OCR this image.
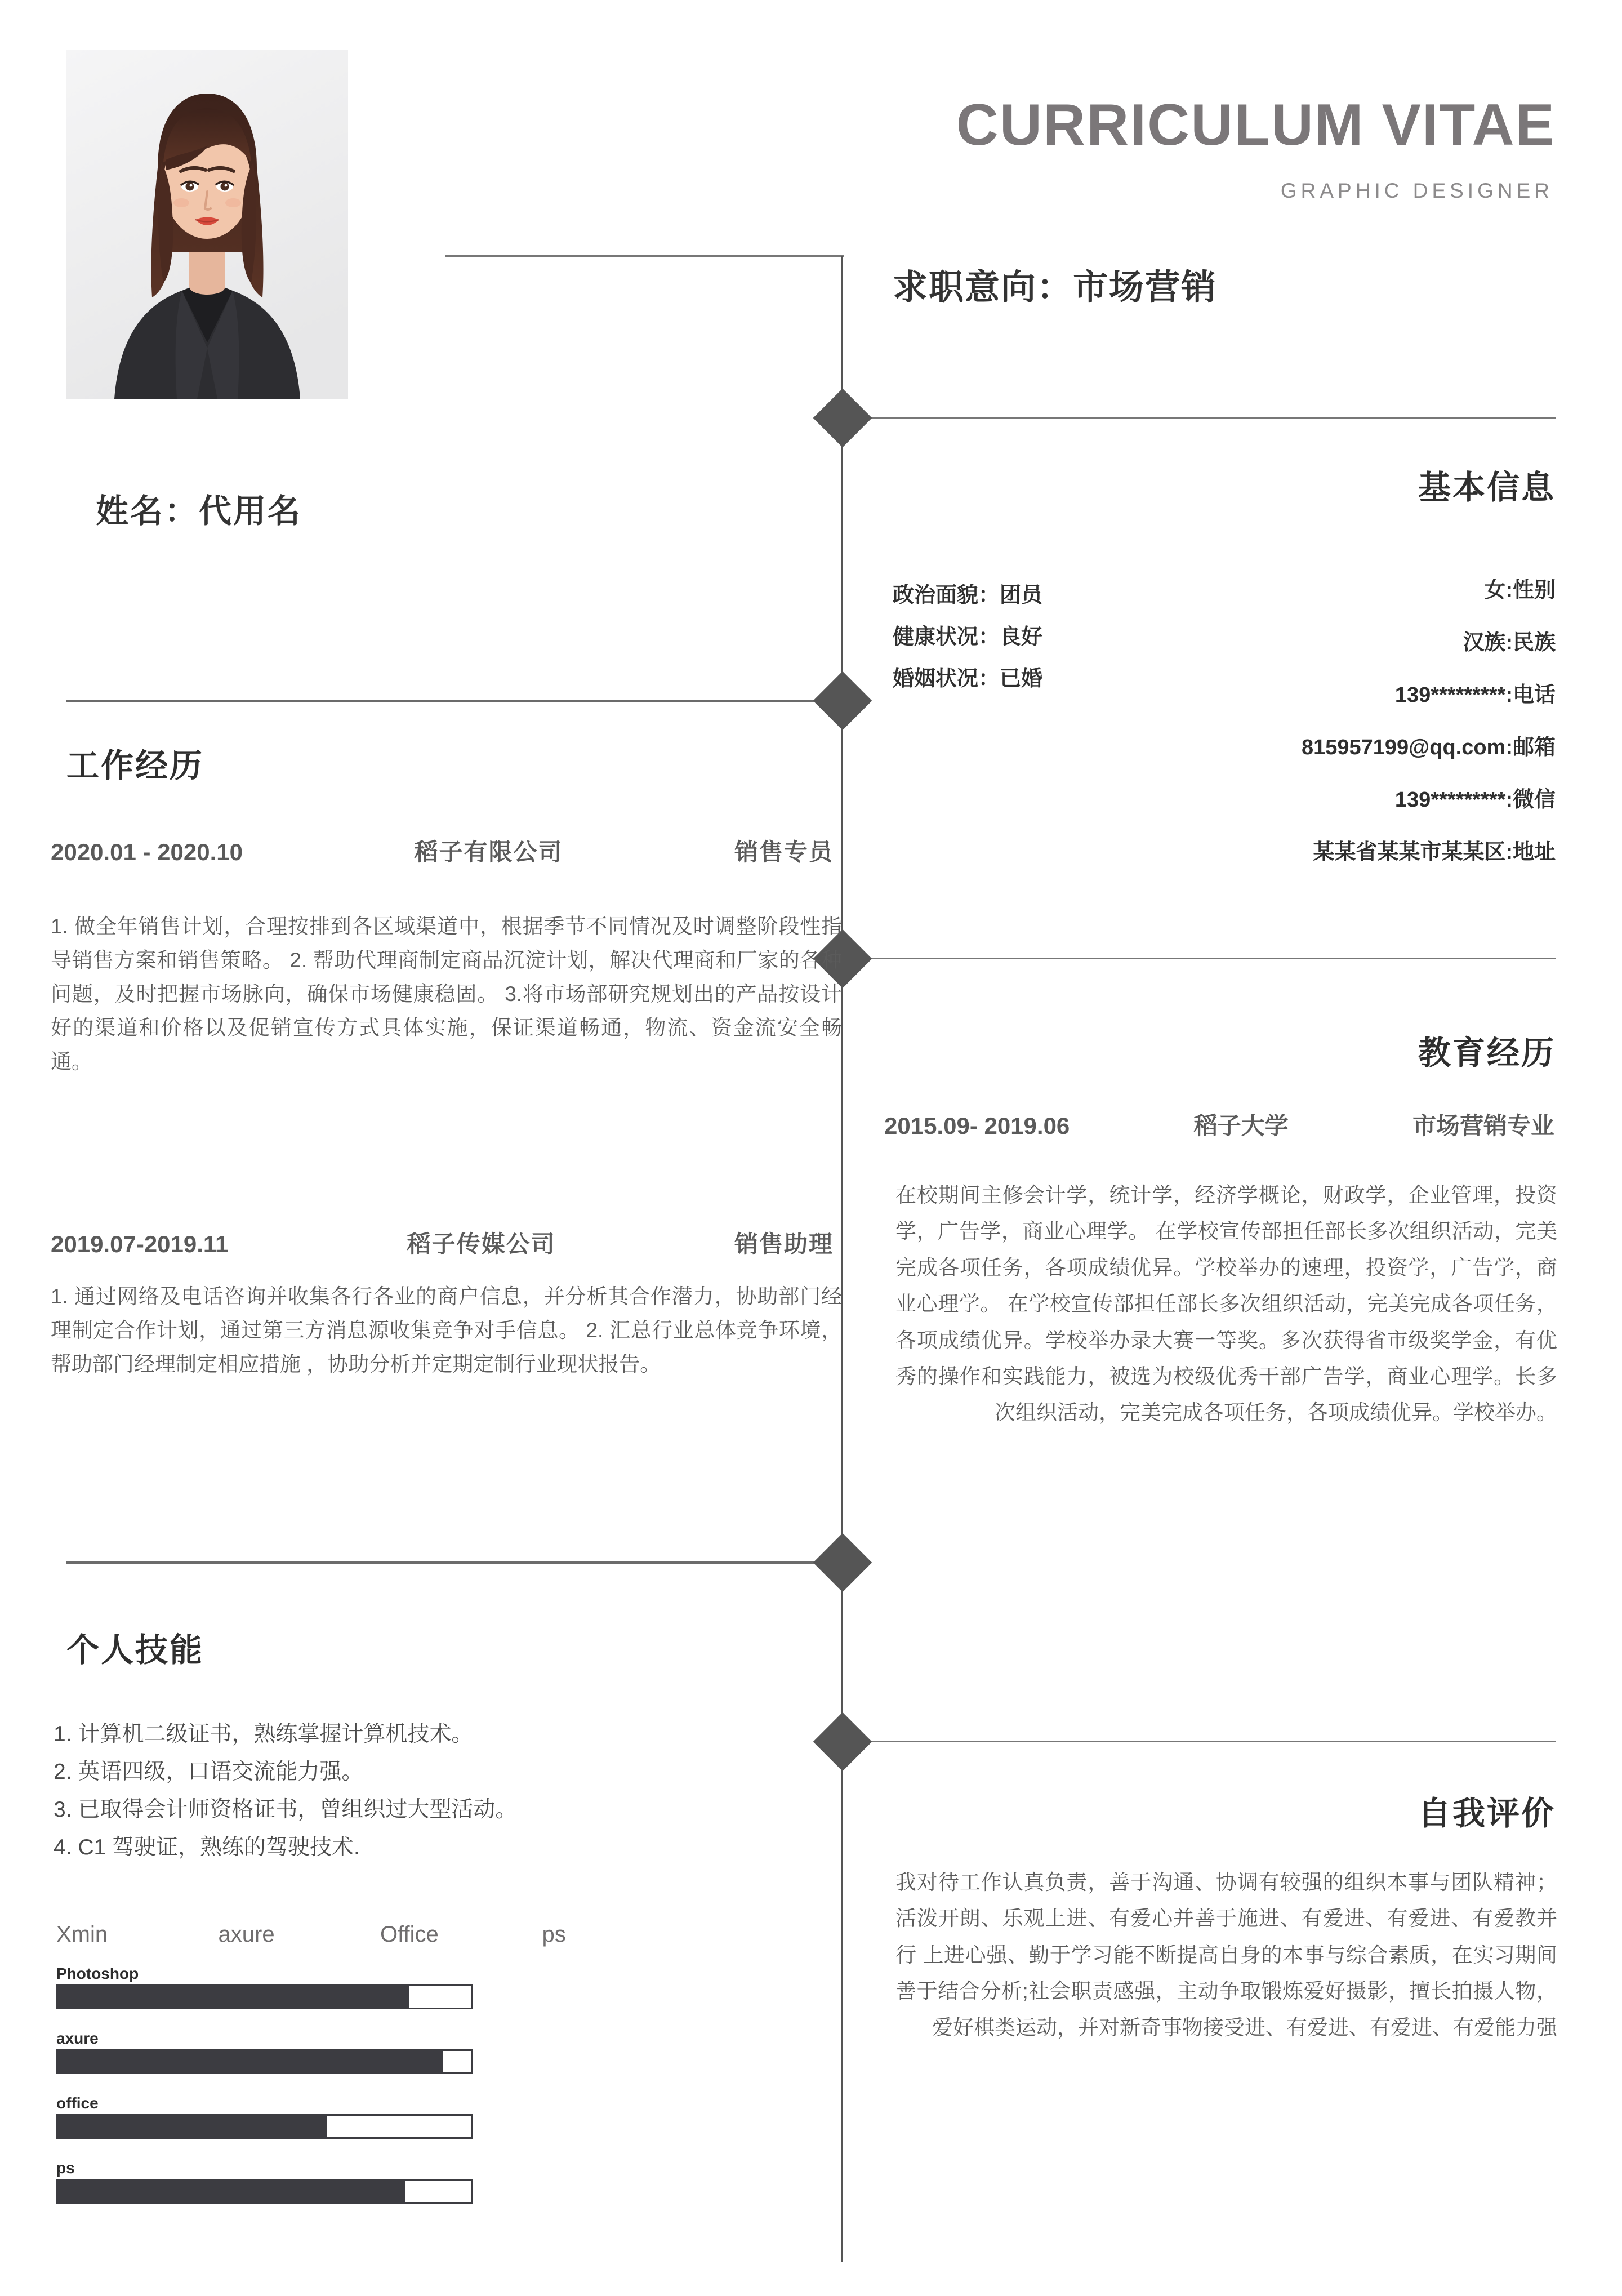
CURRICULUM VITAE
GRAPHIC DESIGNER
求职意向：市场营销
姓名：代用名
工作经历
2020.01 - 2020.10	稻子有限公司	销售专员
1. 做全年销售计划，合理按排到各区域渠道中，根据季节不同情况及时调整阶段性指导销售方案和销售策略。 2. 帮助代理商制定商品沉淀计划，解决代理商和厂家的各种问题，及时把握市场脉向，确保市场健康稳固。 3.将市场部研究规划出的产品按设计好的渠道和价格以及促销宣传方式具体实施，保证渠道畅通，物流、资金流安全畅通。
2019.07-2019.11	稻子传媒公司	销售助理
1. 通过网络及电话咨询并收集各行各业的商户信息，并分析其合作潜力，协助部门经理制定合作计划，通过第三方消息源收集竞争对手信息。 2. 汇总行业总体竞争环境，帮助部门经理制定相应措施 ，协助分析并定期定制行业现状报告。
个人技能
1. 计算机二级证书，熟练掌握计算机技术。
2. 英语四级，口语交流能力强。
3. 已取得会计师资格证书，曾组织过大型活动。
4. C1 驾驶证，熟练的驾驶技术.
Xmin	axure	Office	ps
Photoshop
axure
office
ps
基本信息
政治面貌：团员
健康状况：良好
婚姻状况：已婚
女:性别
汉族:民族
139*********:电话
815957199@qq.com:邮箱
139*********:微信
某某省某某市某某区:地址
教育经历
2015.09- 2019.06	稻子大学	市场营销专业
在校期间主修会计学，统计学，经济学概论，财政学，企业管理，投资学，广告学，商业心理学。 在学校宣传部担任部长多次组织活动，完美完成各项任务，各项成绩优异。学校举办的速理，投资学，广告学，商业心理学。 在学校宣传部担任部长多次组织活动，完美完成各项任务，各项成绩优异。学校举办录大赛一等奖。多次获得省市级奖学金，有优秀的操作和实践能力，被选为校级优秀干部广告学，商业心理学。长多次组织活动，完美完成各项任务，各项成绩优异。学校举办。
自我评价
我对待工作认真负责，善于沟通、协调有较强的组织本事与团队精神；活泼开朗、乐观上进、有爱心并善于施进、有爱进、有爱进、有爱教并行 上进心强、勤于学习能不断提高自身的本事与综合素质，在实习期间善于结合分析;社会职责感强，主动争取锻炼爱好摄影，擅长拍摄人物，爱好棋类运动，并对新奇事物接受进、有爱进、有爱进、有爱能力强
